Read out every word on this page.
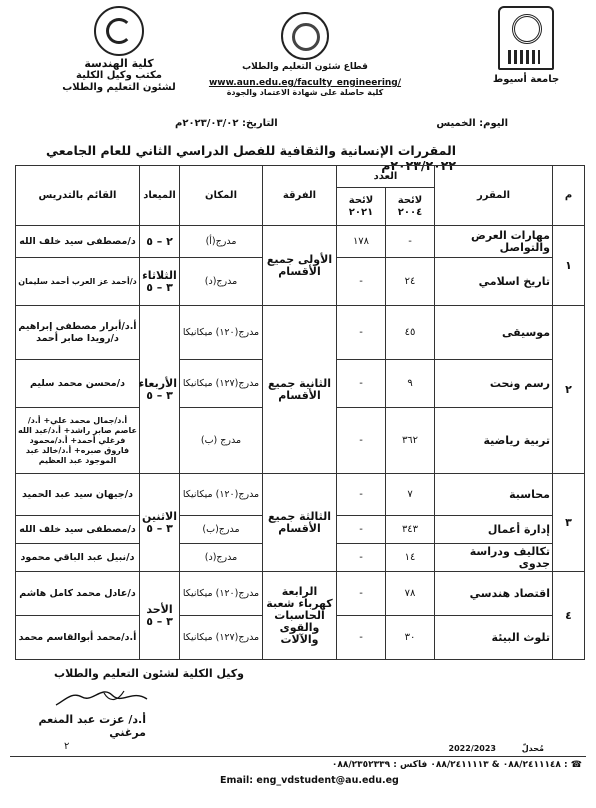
جامعة أسيوط
قطاع شئون التعليم والطلاب
www.aun.edu.eg/faculty_engineering/
كلية حاصلة على شهادة الاعتماد والجودة
كلية الهندسة
مكتب وكيل الكلية
لشئون التعليم والطلاب
اليوم: الخميس
التاريخ: ٢٠٢٣/٠٣/٠٢م
المقررات الإنسانية والثقافية للفصل الدراسي الثاني للعام الجامعي ٢٠٢٣/٢٠٢٢م
م	المقرر	العدد		الفرقة	المكان	الميعاد	القائم بالتدريس
		لائحة ٢٠٠٤	لائحة ٢٠٢١				
١	مهارات العرض والتواصل	-	١٧٨	الأولى جميع الأقسام	مدرج(أ)	٢ – ٥	د/مصطفى سيد خلف الله
	تاريخ اسلامي	٢٤	-		مدرج(د)	الثلاثاء ٣ – ٥	د/أحمد عز العرب أحمد سليمان
٢	موسيقى	٤٥	-	الثانية جميع الأقسام	مدرج(١٢٠) ميكانيكا	الأربعاء ٣ – ٥	أ.د/أبرار مصطفى إبراهيم د/رويدا صابر أحمد
	رسم ونحت	٩	-		مدرج(١٢٧) ميكانيكا		د/محسن محمد سليم
	تربية رياضية	٣٦٢	-		مدرج (ب)		أ.د/جمال محمد علي+ أ.د/عاصم صابر راشد+ أ.د/عبد الله فرغلي أحمد+ أ.د/محمود فاروق صبره+ أ.د/خالد عبد الموجود عبد العظيم
٣	محاسبة	٧	-	الثالثة جميع الأقسام	مدرج(١٢٠) ميكانيكا	الاثنين ٣ – ٥	د/جيهان سيد عبد الحميد
	إدارة أعمال	٣٤٣	-		مدرج(ب)		د/مصطفى سيد خلف الله
	تكاليف ودراسة جدوى	١٤	-		مدرج(د)		د/نبيل عبد الباقي محمود
٤	اقتصاد هندسي	٧٨	-	الرابعة كهرباء شعبة الحاسبات والقوى والآلات	مدرج(١٢٠) ميكانيكا	الأحد ٣ – ٥	د/عادل محمد كامل هاشم
	تلوث البيئة	٣٠	-		مدرج(١٢٧) ميكانيكا		أ.د/محمد أبوالقاسم محمد
وكيل الكلية لشئون التعليم والطلاب
أ.د/ عزت عبد المنعم مرغني
٢	مُحدلّ
2022/2023
☎ : ٠٨٨/٢٤١١١٤٨ & ٠٨٨/٢٤١١١١٣ فاكس : ٠٨٨/٢٣٥٢٣٣٩
Email: eng_vdstudent@au.edu.eg
